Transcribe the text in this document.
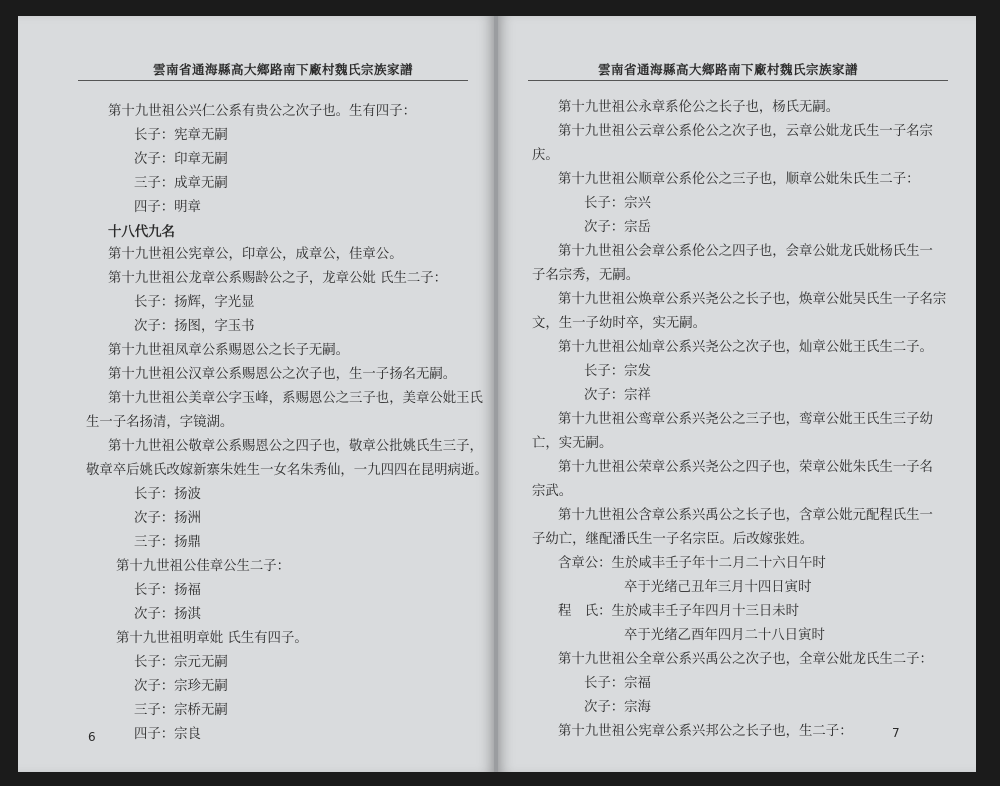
雲南省通海縣高大鄉路南下廠村魏氏宗族家譜
第十九世祖公兴仁公系有贵公之次子也。生有四子：
长子：宪章无嗣
次子：印章无嗣
三子：成章无嗣
四子：明章
十八代九名
第十九世祖公宪章公，印章公，成章公，佳章公。
第十九世祖公龙章公系赐龄公之子，龙章公妣 氏生二子：
长子：扬辉，字光显
次子：扬图，字玉书
第十九世祖凤章公系赐恩公之长子无嗣。
第十九世祖公汉章公系赐恩公之次子也，生一子扬名无嗣。
第十九世祖公美章公字玉峰，系赐恩公之三子也，美章公妣王氏
生一子名扬清，字镜湖。
第十九世祖公敬章公系赐恩公之四子也，敬章公批姚氏生三子，
敬章卒后姚氏改嫁新寨朱姓生一女名朱秀仙，一九四四在昆明病逝。
长子：扬波
次子：扬洲
三子：扬鼎
第十九世祖公佳章公生二子：
长子：扬福
次子：扬淇
第十九世祖明章妣 氏生有四子。
长子：宗元无嗣
次子：宗珍无嗣
三子：宗桥无嗣
四子：宗良
6
雲南省通海縣高大鄉路南下廠村魏氏宗族家譜
第十九世祖公永章系伦公之长子也，杨氏无嗣。
第十九世祖公云章公系伦公之次子也，云章公妣龙氏生一子名宗
庆。
第十九世祖公顺章公系伦公之三子也，顺章公妣朱氏生二子：
长子：宗兴
次子：宗岳
第十九世祖公会章公系伦公之四子也，会章公妣龙氏妣杨氏生一
子名宗秀，无嗣。
第十九世祖公焕章公系兴尧公之长子也，焕章公妣吴氏生一子名宗
文，生一子幼时卒，实无嗣。
第十九世祖公灿章公系兴尧公之次子也，灿章公妣王氏生二子。
长子：宗发
次子：宗祥
第十九世祖公鸾章公系兴尧公之三子也，鸾章公妣王氏生三子幼
亡，实无嗣。
第十九世祖公荣章公系兴尧公之四子也，荣章公妣朱氏生一子名
宗武。
第十九世祖公含章公系兴禹公之长子也，含章公妣元配程氏生一
子幼亡，继配潘氏生一子名宗臣。后改嫁张姓。
含章公：生於咸丰壬子年十二月二十六日午时
卒于光绪己丑年三月十四日寅时
程　氏：生於咸丰壬子年四月十三日未时
卒于光绪乙酉年四月二十八日寅时
第十九世祖公全章公系兴禹公之次子也，全章公妣龙氏生二子：
长子：宗福
次子：宗海
第十九世祖公宪章公系兴邦公之长子也，生二子：	7
